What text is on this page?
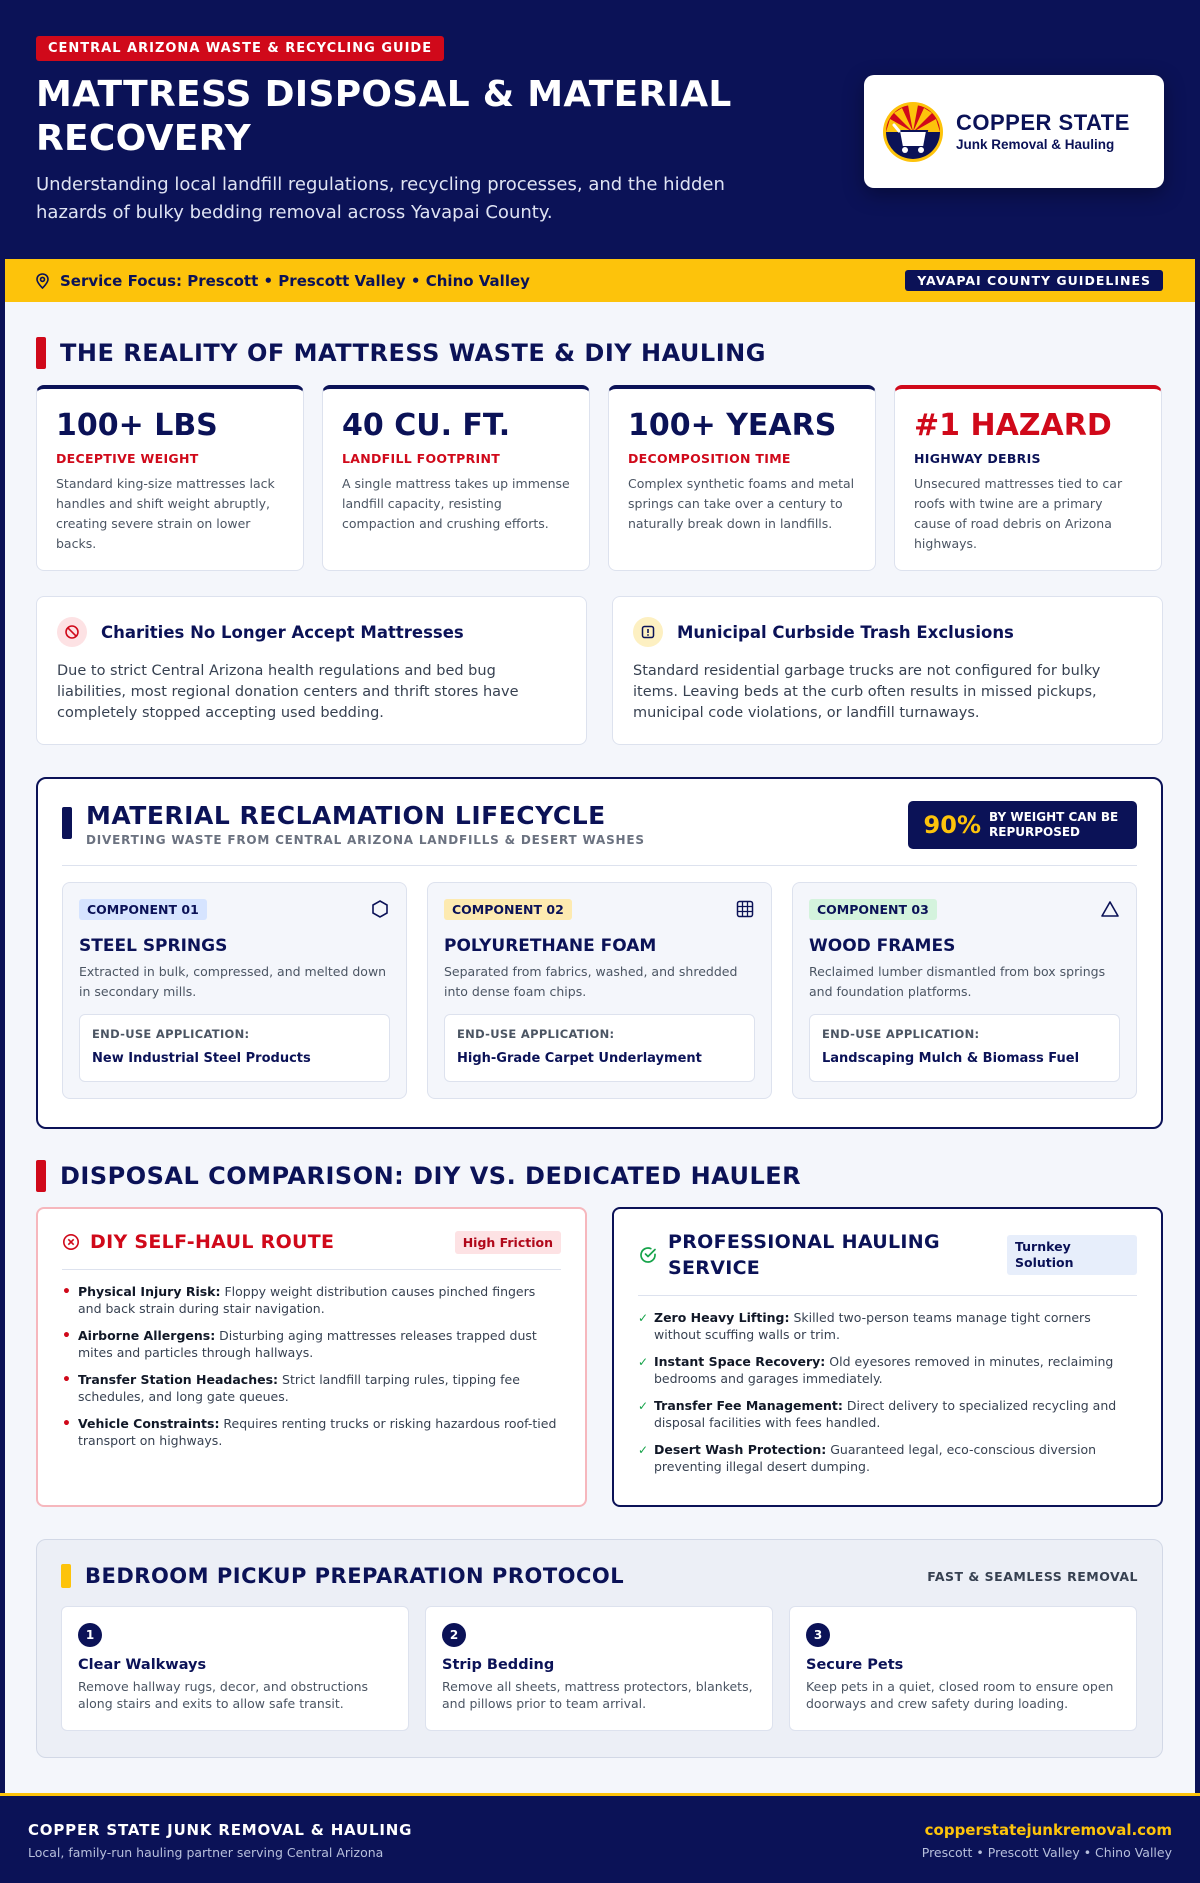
CENTRAL ARIZONA WASTE & RECYCLING GUIDE
MATTRESS DISPOSAL & MATERIAL RECOVERY

Understanding local landfill regulations, recycling processes, and the hidden hazards of bulky bedding removal across Yavapai County.

COPPER STATE
Junk Removal & Hauling
Service Focus: Prescott • Prescott Valley • Chino Valley	YAVAPAI COUNTY GUIDELINES
THE REALITY OF MATTRESS WASTE & DIY HAULING
100+ LBS
DECEPTIVE WEIGHT
Standard king-size mattresses lack handles and shift weight abruptly, creating severe strain on lower backs.
40 CU. FT.
LANDFILL FOOTPRINT
A single mattress takes up immense landfill capacity, resisting compaction and crushing efforts.
100+ YEARS
DECOMPOSITION TIME
Complex synthetic foams and metal springs can take over a century to naturally break down in landfills.
#1 HAZARD
HIGHWAY DEBRIS
Unsecured mattresses tied to car roofs with twine are a primary cause of road debris on Arizona highways.
Charities No Longer Accept Mattresses

Due to strict Central Arizona health regulations and bed bug liabilities, most regional donation centers and thrift stores have completely stopped accepting used bedding.

Municipal Curbside Trash Exclusions

Standard residential garbage trucks are not configured for bulky items. Leaving beds at the curb often results in missed pickups, municipal code violations, or landfill turnaways.

MATERIAL RECLAMATION LIFECYCLE
DIVERTING WASTE FROM CENTRAL ARIZONA LANDFILLS & DESERT WASHES
90% BY WEIGHT CAN BE REPURPOSED
COMPONENT 01
STEEL SPRINGS

Extracted in bulk, compressed, and melted down in secondary mills.

END-USE APPLICATION:
New Industrial Steel Products
COMPONENT 02
POLYURETHANE FOAM

Separated from fabrics, washed, and shredded into dense foam chips.

END-USE APPLICATION:
High-Grade Carpet Underlayment
COMPONENT 03
WOOD FRAMES

Reclaimed lumber dismantled from box springs and foundation platforms.

END-USE APPLICATION:
Landscaping Mulch & Biomass Fuel
DISPOSAL COMPARISON: DIY VS. DEDICATED HAULER
DIY SELF-HAUL ROUTE	High Friction
• Physical Injury Risk: Floppy weight distribution causes pinched fingers and back strain during stair navigation.
• Airborne Allergens: Disturbing aging mattresses releases trapped dust mites and particles through hallways.
• Transfer Station Headaches: Strict landfill tarping rules, tipping fee schedules, and long gate queues.
• Vehicle Constraints: Requires renting trucks or risking hazardous roof-tied transport on highways.
PROFESSIONAL HAULING SERVICE
Turnkey Solution
✓ Zero Heavy Lifting: Skilled two-person teams manage tight corners without scuffing walls or trim.
✓ Instant Space Recovery: Old eyesores removed in minutes, reclaiming bedrooms and garages immediately.
✓ Transfer Fee Management: Direct delivery to specialized recycling and disposal facilities with fees handled.
✓ Desert Wash Protection: Guaranteed legal, eco-conscious diversion preventing illegal desert dumping.
BEDROOM PICKUP PREPARATION PROTOCOL	FAST & SEAMLESS REMOVAL
1
Clear Walkways

Remove hallway rugs, decor, and obstructions along stairs and exits to allow safe transit.

2
Strip Bedding

Remove all sheets, mattress protectors, blankets, and pillows prior to team arrival.

3
Secure Pets

Keep pets in a quiet, closed room to ensure open doorways and crew safety during loading.

COPPER STATE JUNK REMOVAL & HAULING
Local, family-run hauling partner serving Central Arizona
copperstatejunkremoval.com
Prescott • Prescott Valley • Chino Valley
